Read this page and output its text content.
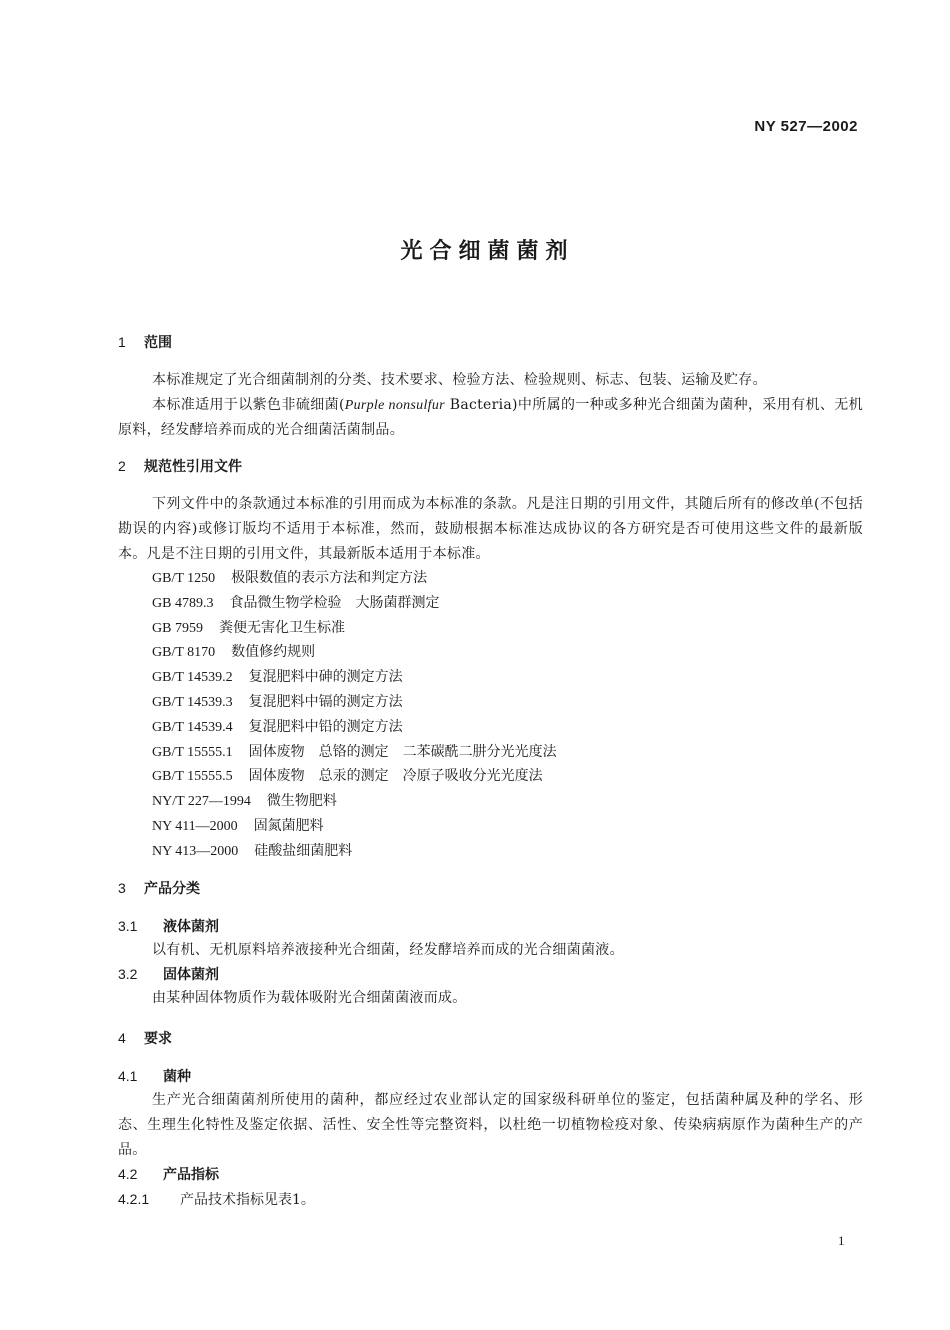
NY 527—2002
光合细菌菌剂
1 范围
本标准规定了光合细菌制剂的分类、技术要求、检验方法、检验规则、标志、包装、运输及贮存。
本标准适用于以紫色非硫细菌(Purple nonsulfur Bacteria)中所属的一种或多种光合细菌为菌种，采用有机、无机原料，经发酵培养而成的光合细菌活菌制品。
2 规范性引用文件
下列文件中的条款通过本标准的引用而成为本标准的条款。凡是注日期的引用文件，其随后所有的修改单(不包括勘误的内容)或修订版均不适用于本标准，然而，鼓励根据本标准达成协议的各方研究是否可使用这些文件的最新版本。凡是不注日期的引用文件，其最新版本适用于本标准。
GB/T 1250 极限数值的表示方法和判定方法
GB 4789.3 食品微生物学检验　大肠菌群测定
GB 7959 粪便无害化卫生标准
GB/T 8170 数值修约规则
GB/T 14539.2 复混肥料中砷的测定方法
GB/T 14539.3 复混肥料中镉的测定方法
GB/T 14539.4 复混肥料中铅的测定方法
GB/T 15555.1 固体废物　总铬的测定　二苯碳酰二肼分光光度法
GB/T 15555.5 固体废物　总汞的测定　冷原子吸收分光光度法
NY/T 227—1994 微生物肥料
NY 411—2000 固氮菌肥料
NY 413—2000 硅酸盐细菌肥料
3 产品分类
3.1 液体菌剂
以有机、无机原料培养液接种光合细菌，经发酵培养而成的光合细菌菌液。
3.2 固体菌剂
由某种固体物质作为载体吸附光合细菌菌液而成。
4 要求
4.1 菌种
生产光合细菌菌剂所使用的菌种，都应经过农业部认定的国家级科研单位的鉴定，包括菌种属及种的学名、形态、生理生化特性及鉴定依据、活性、安全性等完整资料，以杜绝一切植物检疫对象、传染病病原作为菌种生产的产品。
4.2 产品指标
4.2.1 产品技术指标见表1。
1
